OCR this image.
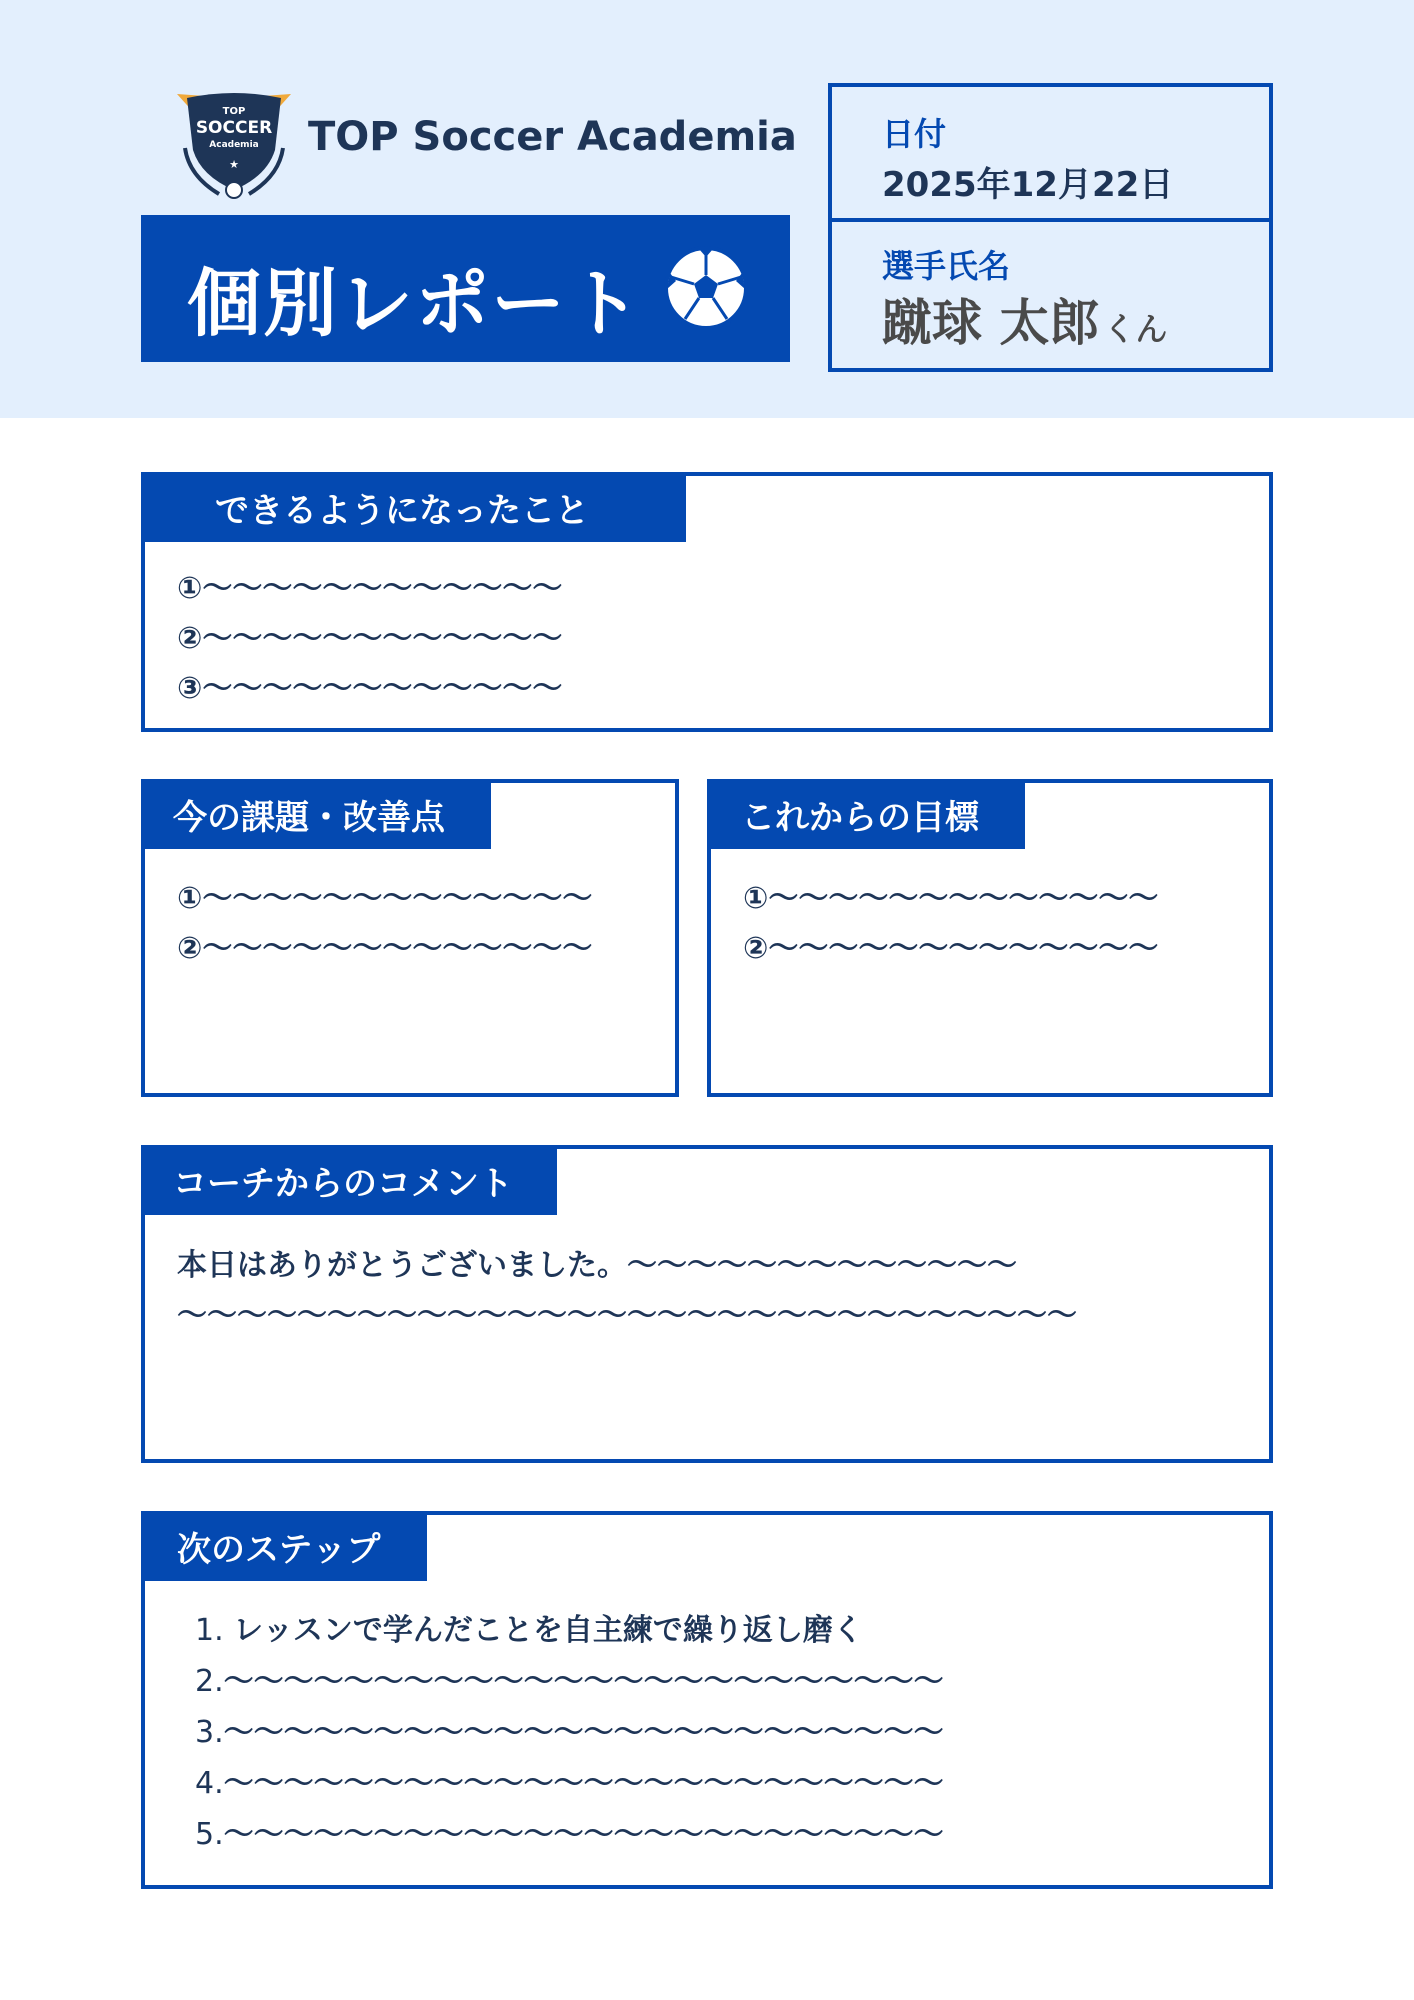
TOP
SOCCER
Academia
★
TOP Soccer Academia
個別レポート
日付
2025年12月22日
選手氏名
蹴球 太郎 くん
できるようになったこと
①〜〜〜〜〜〜〜〜〜〜〜〜
②〜〜〜〜〜〜〜〜〜〜〜〜
③〜〜〜〜〜〜〜〜〜〜〜〜
今の課題・改善点
①〜〜〜〜〜〜〜〜〜〜〜〜〜
②〜〜〜〜〜〜〜〜〜〜〜〜〜
これからの目標
①〜〜〜〜〜〜〜〜〜〜〜〜〜
②〜〜〜〜〜〜〜〜〜〜〜〜〜
コーチからのコメント
本日はありがとうございました。〜〜〜〜〜〜〜〜〜〜〜〜〜
〜〜〜〜〜〜〜〜〜〜〜〜〜〜〜〜〜〜〜〜〜〜〜〜〜〜〜〜〜〜
次のステップ
1. レッスンで学んだことを自主練で繰り返し磨く
2.〜〜〜〜〜〜〜〜〜〜〜〜〜〜〜〜〜〜〜〜〜〜〜〜
3.〜〜〜〜〜〜〜〜〜〜〜〜〜〜〜〜〜〜〜〜〜〜〜〜
4.〜〜〜〜〜〜〜〜〜〜〜〜〜〜〜〜〜〜〜〜〜〜〜〜
5.〜〜〜〜〜〜〜〜〜〜〜〜〜〜〜〜〜〜〜〜〜〜〜〜
